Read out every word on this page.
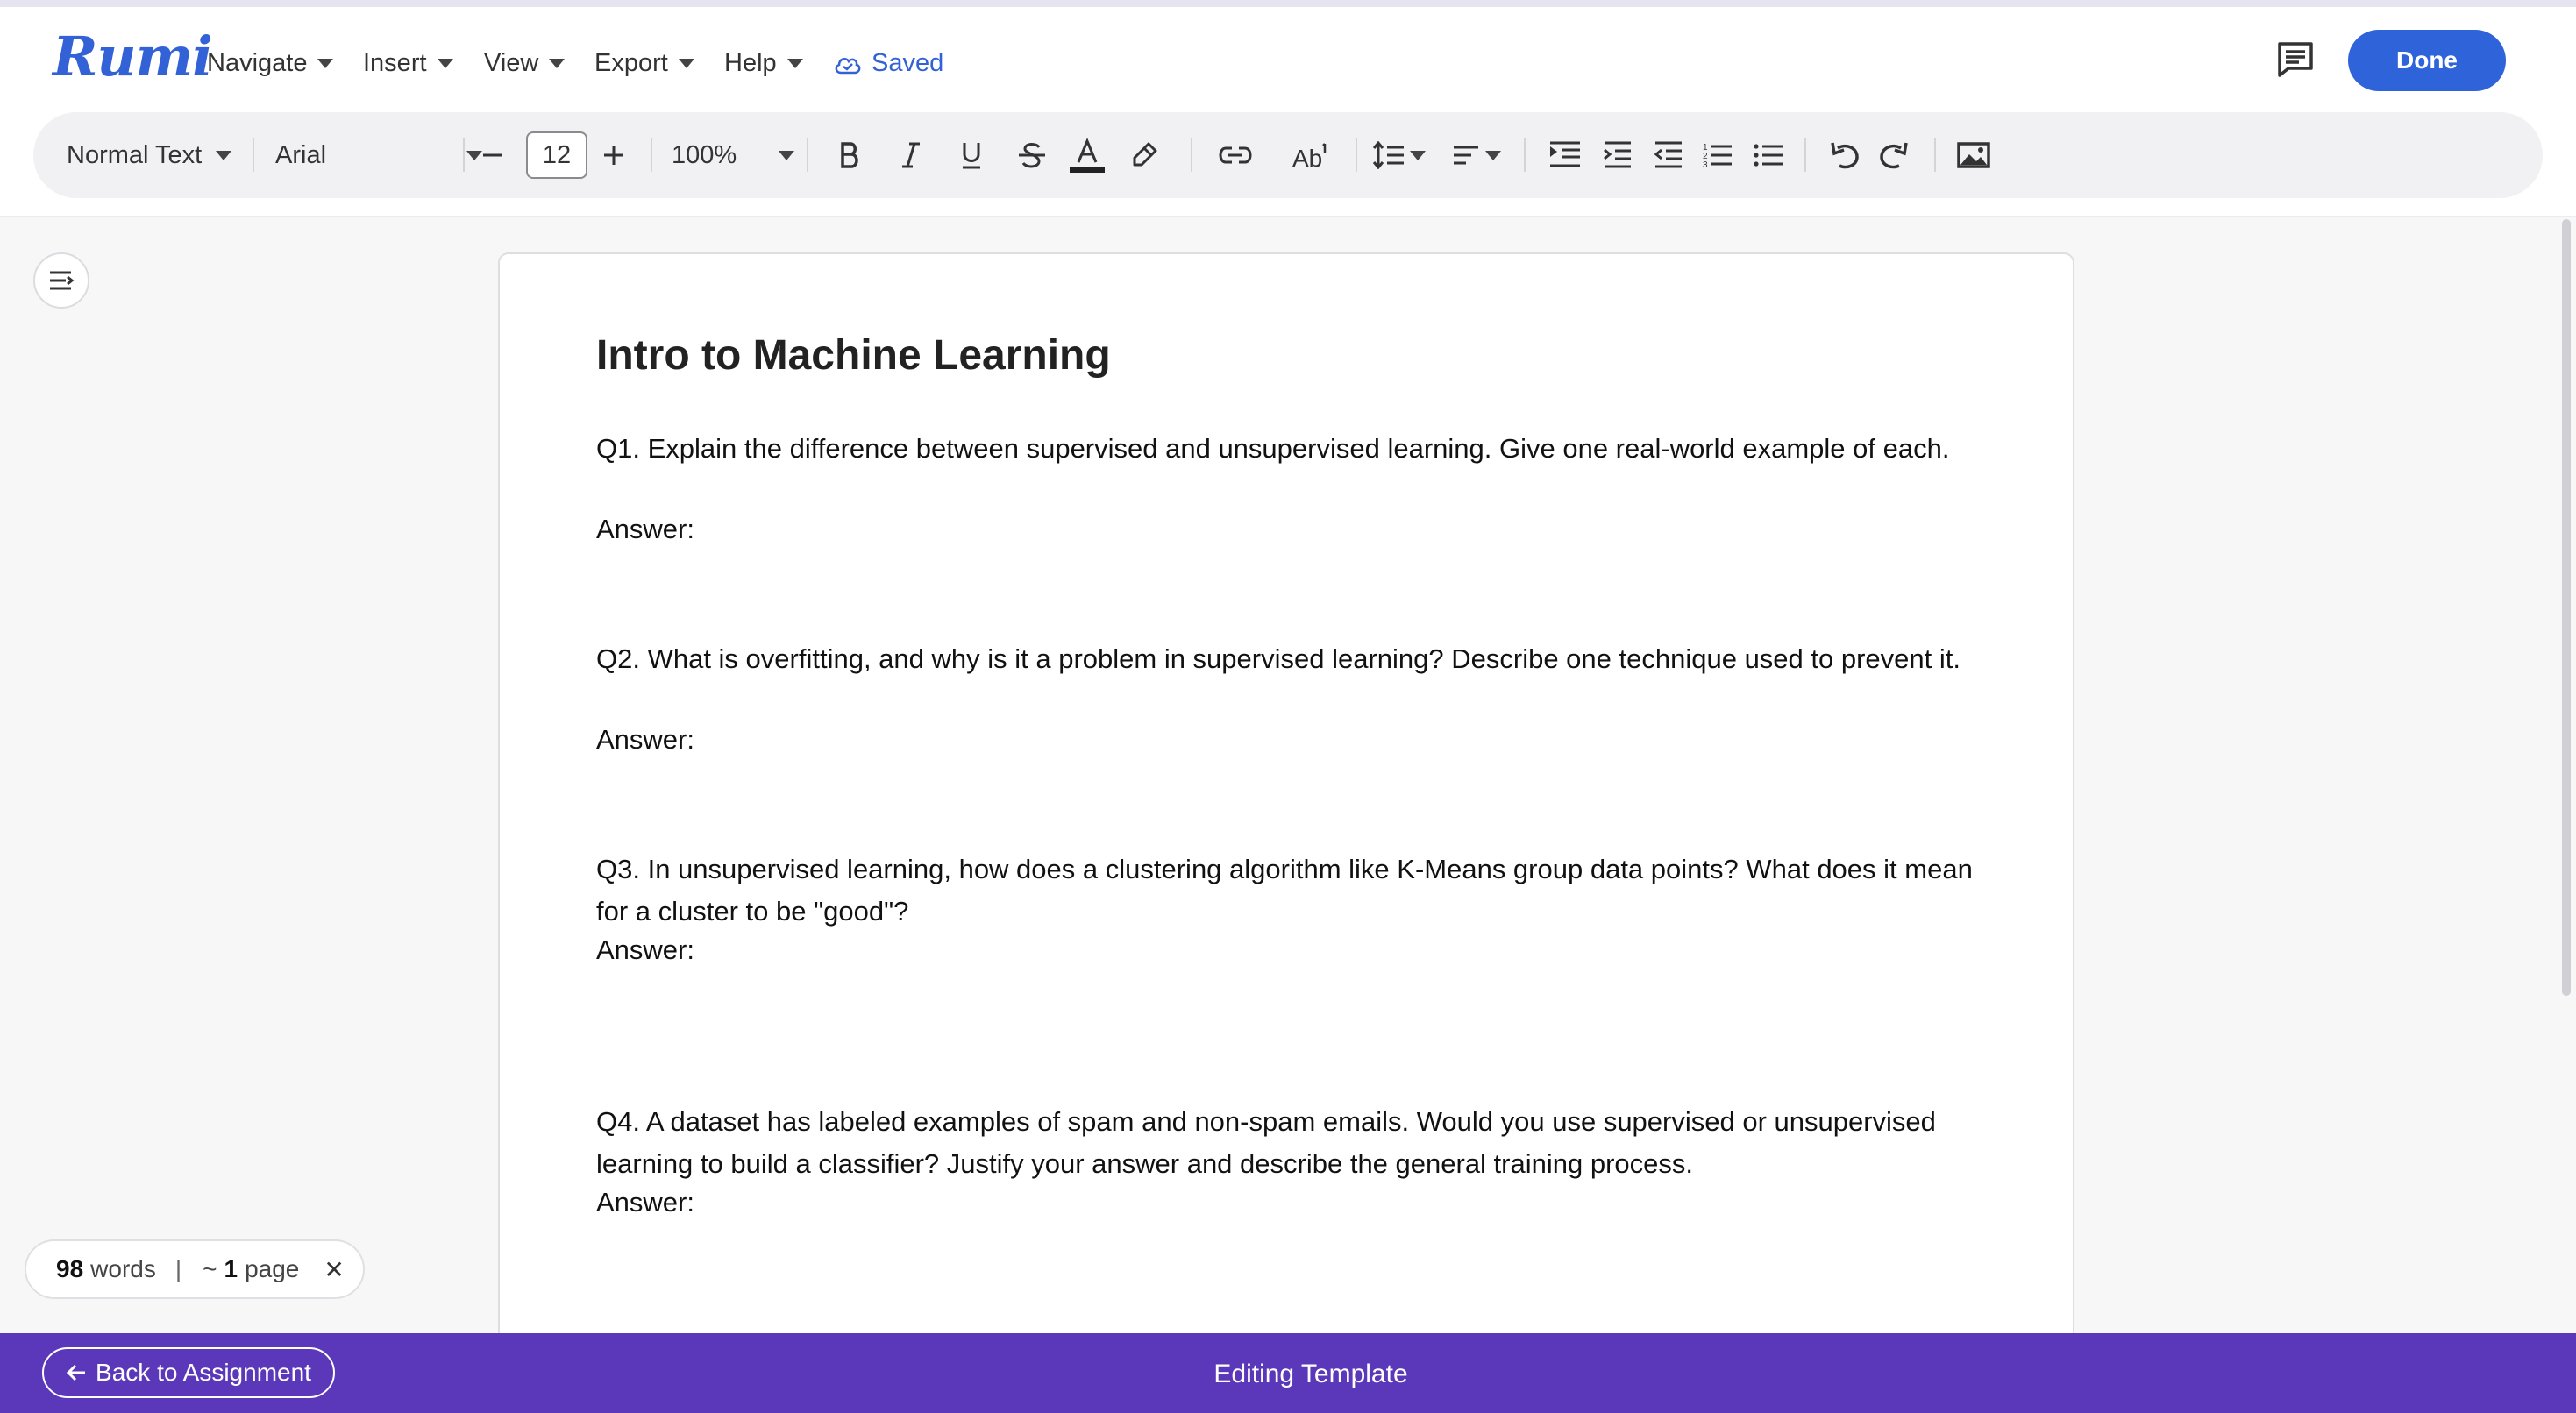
Rumi
Navigate Insert View Export Help	Saved	Done
Normal Text	Arial	12	100%	Ab	1
2
3
Intro to Machine Learning
Q1. Explain the difference between supervised and unsupervised learning. Give one real-world example of each.
Answer:
Q2. What is overfitting, and why is it a problem in supervised learning? Describe one technique used to prevent it.
Answer:
Q3. In unsupervised learning, how does a clustering algorithm like K-Means group data points? What does it mean for a cluster to be "good"?
Answer:
Q4. A dataset has labeled examples of spam and non-spam emails. Would you use supervised or unsupervised learning to build a classifier? Justify your answer and describe the general training process.
Answer:
98 words | ~ 1 page ✕
Back to Assignment	Editing Template
